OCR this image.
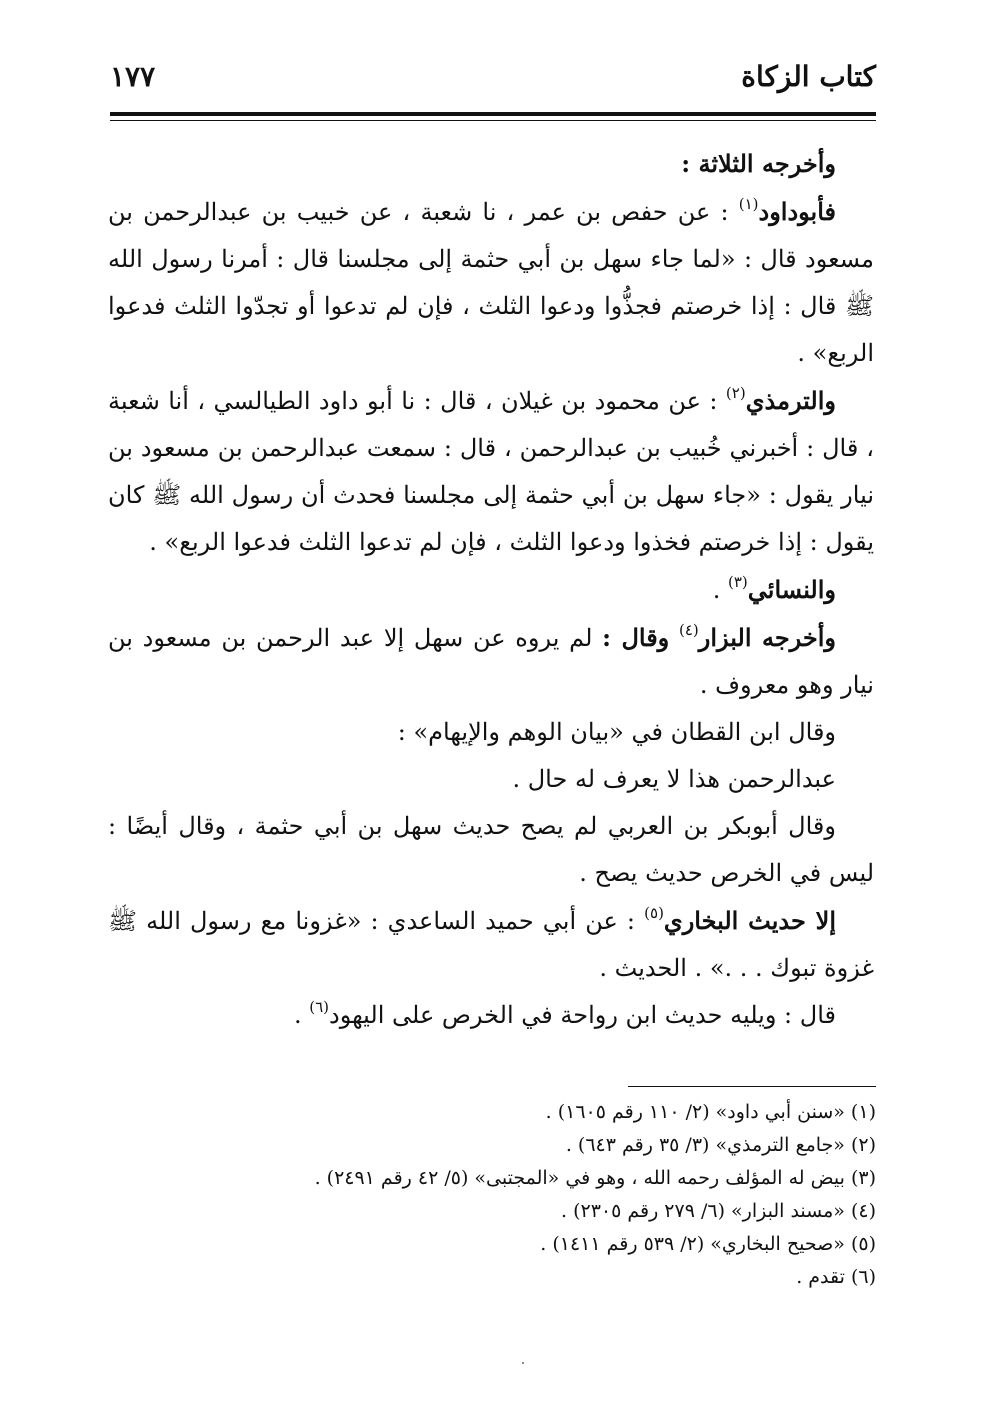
كتاب الزكاة
١٧٧

وأخرجه الثلاثة :

فأبوداود$^{(١)}$ : عن حفص بن عمر ، نا شعبة ، عن خبيب بن عبدالرحمن بن مسعود قال : «لما جاء سهل بن أبي حثمة إلى مجلسنا قال : أمرنا رسول الله ﷺ قال : إذا خرصتم فجذُّوا ودعوا الثلث ، فإن لم تدعوا أو تجدّوا الثلث فدعوا الربع» .

والترمذي$^{(٢)}$ : عن محمود بن غيلان ، قال : نا أبو داود الطيالسي ، أنا شعبة ، قال : أخبرني خُبيب بن عبدالرحمن ، قال : سمعت عبدالرحمن بن مسعود بن نيار يقول : «جاء سهل بن أبي حثمة إلى مجلسنا فحدث أن رسول الله ﷺ كان يقول : إذا خرصتم فخذوا ودعوا الثلث ، فإن لم تدعوا الثلث فدعوا الربع» .

والنسائي$^{(٣)}$ .

وأخرجه البزار$^{(٤)}$ وقال : لم يروه عن سهل إلا عبد الرحمن بن مسعود بن نيار وهو معروف .

وقال ابن القطان في «بيان الوهم والإيهام» :

عبدالرحمن هذا لا يعرف له حال .

وقال أبوبكر بن العربي لم يصح حديث سهل بن أبي حثمة ، وقال أيضًا : ليس في الخرص حديث يصح .

إلا حديث البخاري$^{(٥)}$ : عن أبي حميد الساعدي : «غزونا مع رسول الله ﷺ غزوة تبوك . . .» . الحديث .

قال : ويليه حديث ابن رواحة في الخرص على اليهود$^{(٦)}$ .

(١) «سنن أبي داود» (٢/ ١١٠ رقم ١٦٠٥) .
(٢) «جامع الترمذي» (٣/ ٣٥ رقم ٦٤٣) .
(٣) بيض له المؤلف رحمه الله ، وهو في «المجتبى» (٥/ ٤٢ رقم ٢٤٩١) .
(٤) «مسند البزار» (٦/ ٢٧٩ رقم ٢٣٠٥) .
(٥) «صحيح البخاري» (٢/ ٥٣٩ رقم ١٤١١) .
(٦) تقدم .
